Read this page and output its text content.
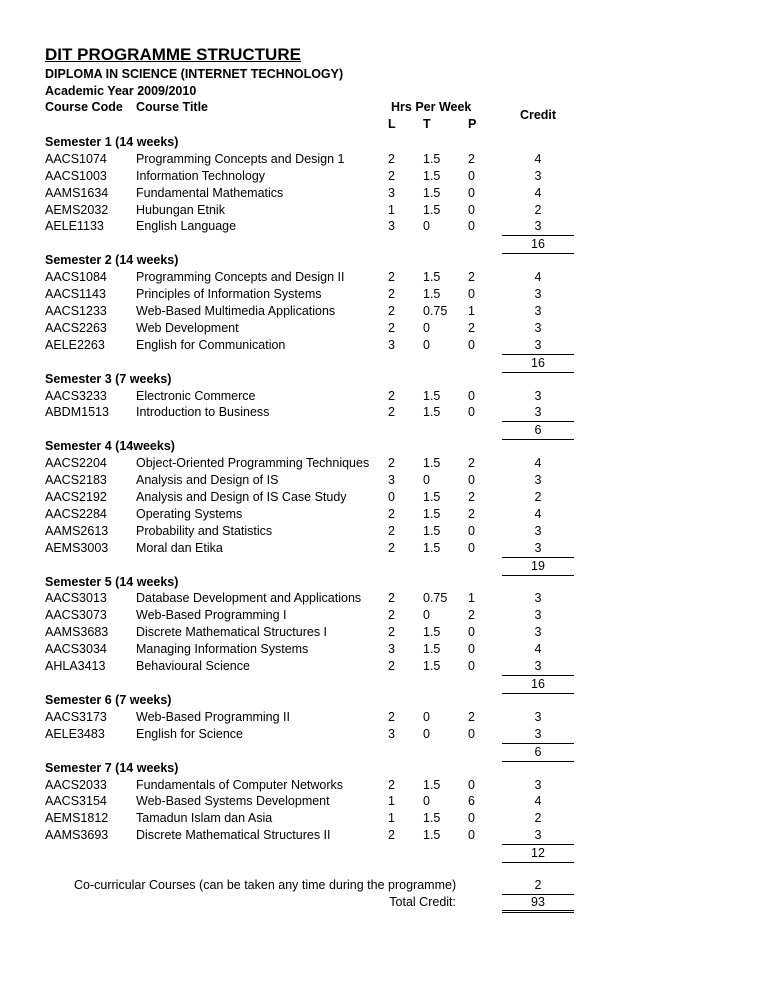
DIT PROGRAMME STRUCTURE
DIPLOMA IN SCIENCE (INTERNET TECHNOLOGY)
Academic Year 2009/2010
Course Code Course Title	Hrs Per Week
L T	P
Credit
Semester 1 (14 weeks)
AACS1074 Programming Concepts and Design 1	2 1.5 2	4
AACS1003 Information Technology	2 1.5 0	3
AAMS1634 Fundamental Mathematics	3 1.5 0	4
AEMS2032 Hubungan Etnik	1 1.5 0	2
AELE1133	English Language	3 0	0	3
16
Semester 2 (14 weeks)
AACS1084 Programming Concepts and Design II	2 1.5 2	4
AACS1143 Principles of Information Systems	2 1.5 0	3
AACS1233 Web-Based Multimedia Applications	2 0.75 1	3
AACS2263 Web Development	2 0	2	3
AELE2263 English for Communication	3 0	0	3
16
Semester 3 (7 weeks)
AACS3233 Electronic Commerce	2 1.5 0	3
ABDM1513 Introduction to Business	2 1.5 0	3
6
Semester 4 (14weeks)
AACS2204 Object-Oriented Programming Techniques 2 1.5 2	4
AACS2183 Analysis and Design of IS	3 0	0	3
AACS2192 Analysis and Design of IS Case Study	0 1.5 2	2
AACS2284 Operating Systems	2 1.5 2	4
AAMS2613 Probability and Statistics	2 1.5 0	3
AEMS3003 Moral dan Etika	2 1.5 0	3
19
Semester 5 (14 weeks)
AACS3013 Database Development and Applications 2 0.75 1	3
AACS3073 Web-Based Programming I	2 0	2	3
AAMS3683 Discrete Mathematical Structures I	2 1.5 0	3
AACS3034 Managing Information Systems	3 1.5 0	4
AHLA3413 Behavioural Science	2 1.5 0	3
16
Semester 6 (7 weeks)
AACS3173 Web-Based Programming II	2 0	2	3
AELE3483 English for Science	3 0	0	3
6
Semester 7 (14 weeks)
AACS2033 Fundamentals of Computer Networks	2 1.5 0	3
AACS3154 Web-Based Systems Development	1 0	6	4
AEMS1812 Tamadun Islam dan Asia	1 1.5 0	2
AAMS3693 Discrete Mathematical Structures II	2 1.5 0	3
12
Co-curricular Courses (can be taken any time during the programme)	2
Total Credit:	93
